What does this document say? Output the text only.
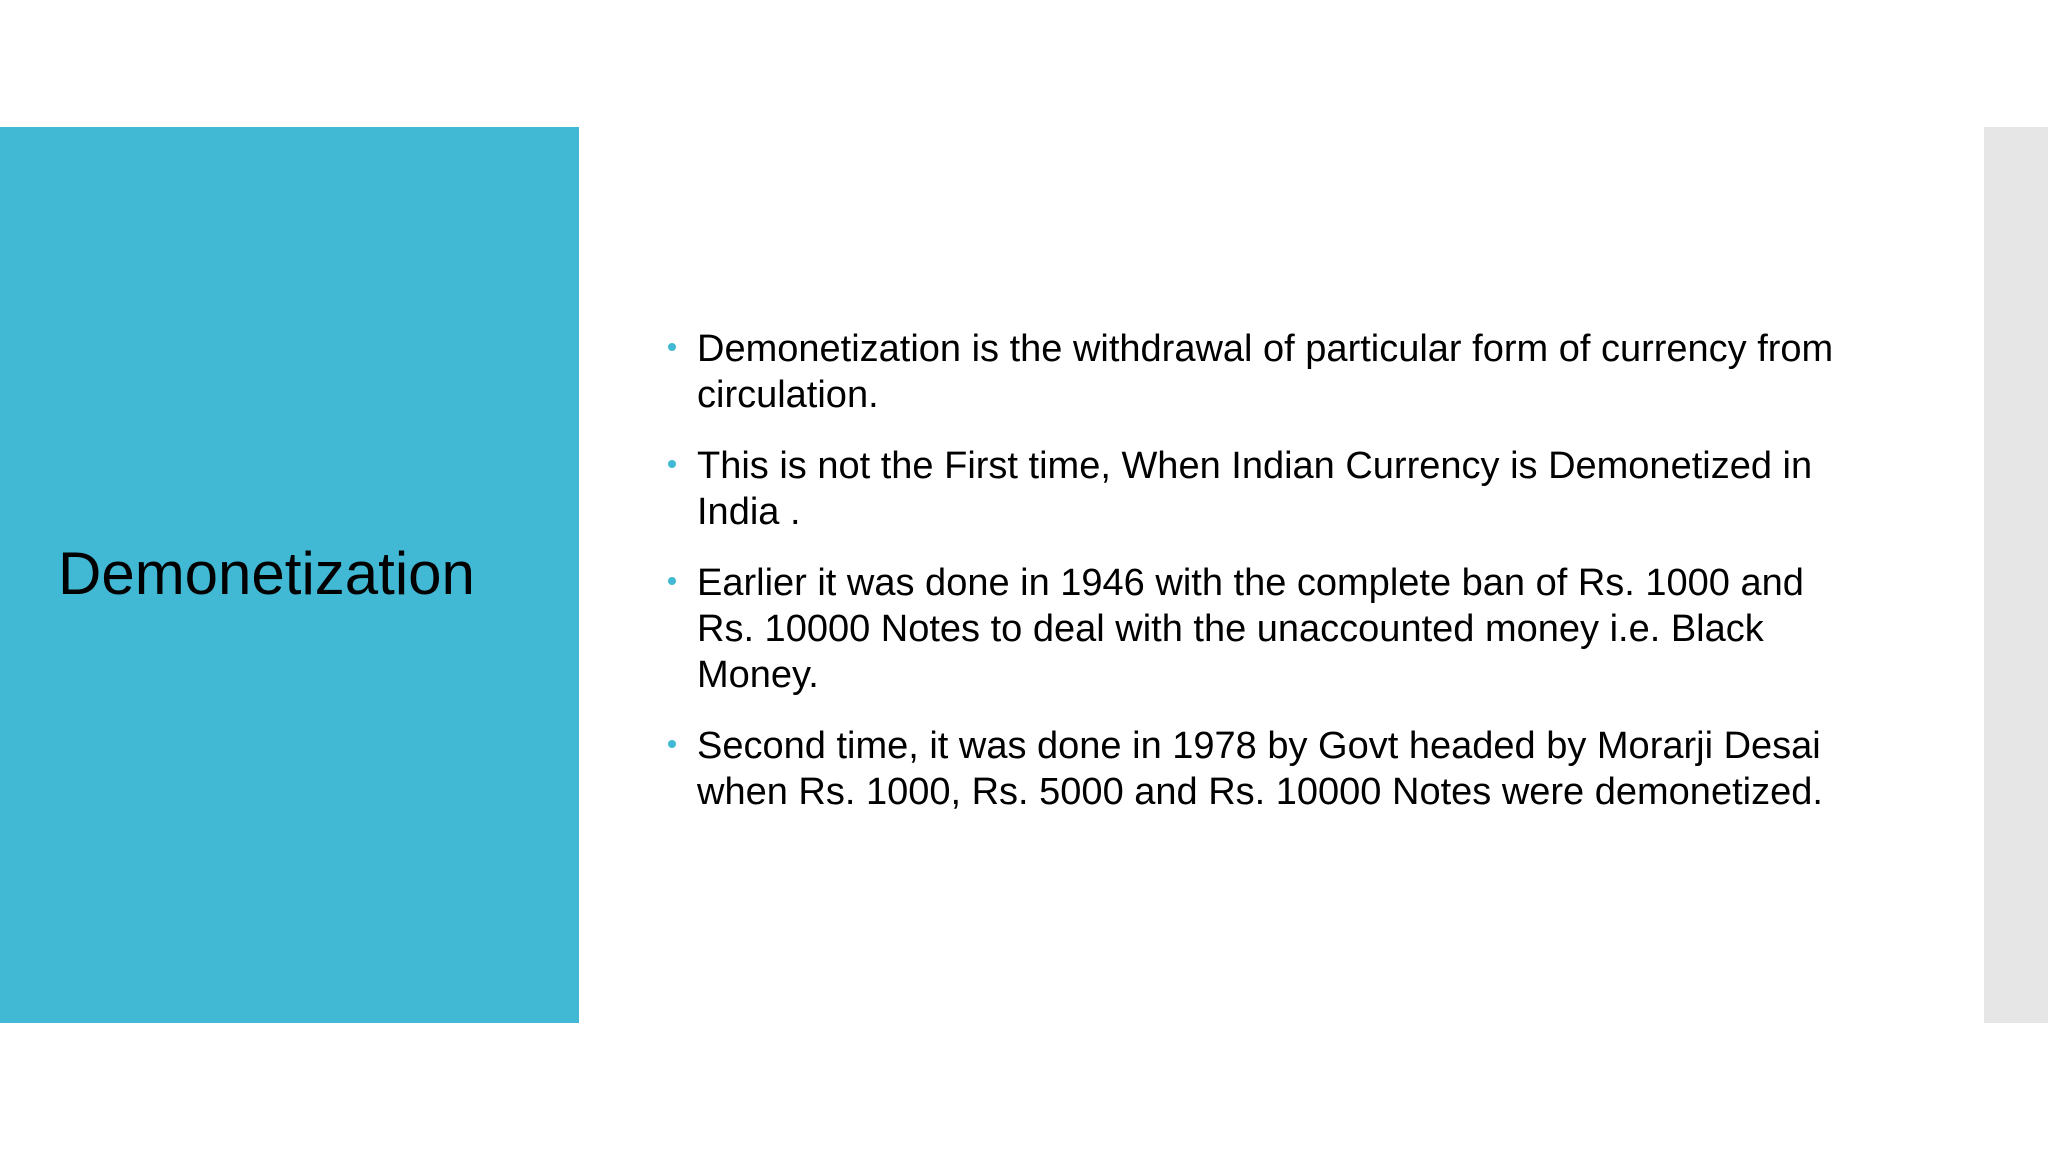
Demonetization
Demonetization is the withdrawal of particular form of currency from circulation.
This is not the First time, When Indian Currency is Demonetized in India .
Earlier it was done in 1946 with the complete ban of Rs. 1000 and Rs. 10000 Notes to deal with the unaccounted money i.e. Black Money.
Second time, it was done in 1978 by Govt headed by Morarji Desai when Rs. 1000, Rs. 5000 and Rs. 10000 Notes were demonetized.
